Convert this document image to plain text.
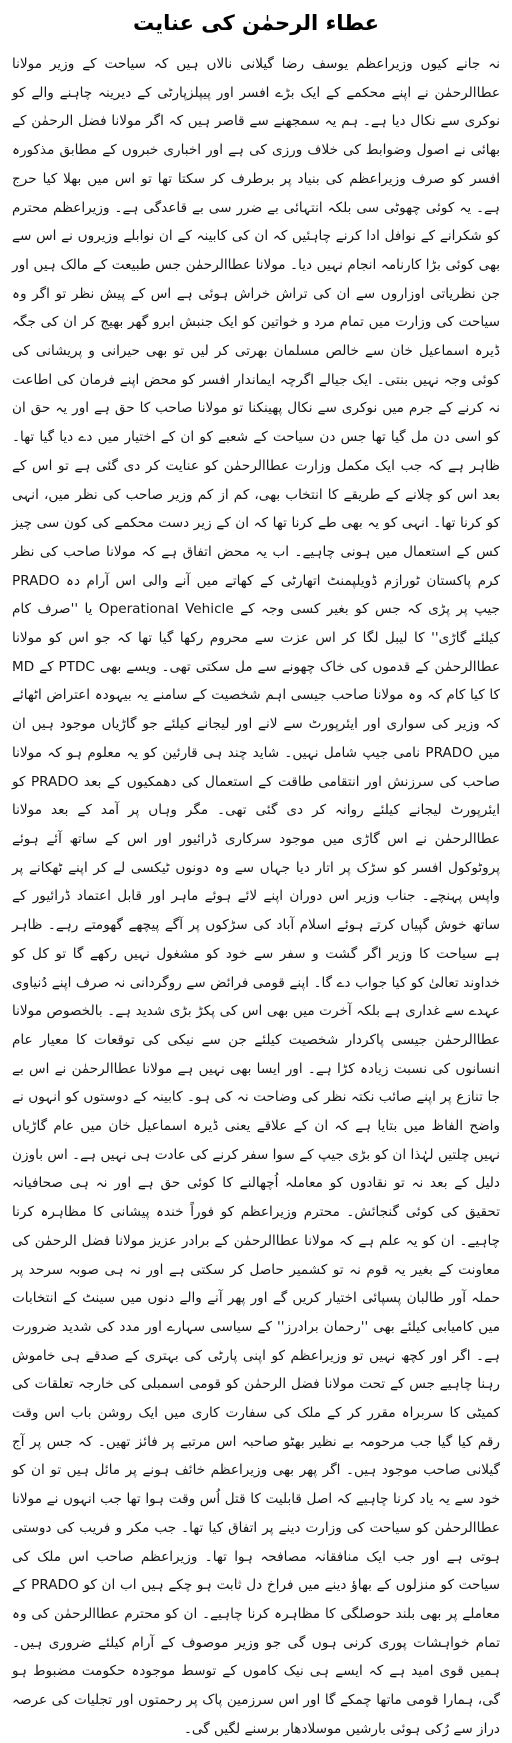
عطاء الرحمٰن کی عنایت

نہ جانے کیوں وزیراعظم یوسف رضا گیلانی نالاں ہیں کہ سیاحت کے وزیر مولانا عطاالرحمٰن نے اپنے محکمے کے ایک بڑے افسر اور پیپلزپارٹی کے دیرینہ چاہنے والے کو نوکری سے نکال دیا ہے۔ ہم یہ سمجھنے سے قاصر ہیں کہ اگر مولانا فضل الرحمٰن کے بھائی نے اصول وضوابط کی خلاف ورزی کی ہے اور اخباری خبروں کے مطابق مذکورہ افسر کو صرف وزیراعظم کی بنیاد پر برطرف کر سکتا تھا تو اس میں بھلا کیا حرج ہے۔ یہ کوئی چھوٹی سی بلکہ انتہائی بے ضرر سی بے قاعدگی ہے۔ وزیراعظم محترم کو شکرانے کے نوافل ادا کرنے چاہئیں کہ ان کی کابینہ کے ان نوابلے وزیروں نے اس سے بھی کوئی بڑا کارنامہ انجام نہیں دیا۔ مولانا عطاالرحمٰن جس طبیعت کے مالک ہیں اور جن نظریاتی اوزاروں سے ان کی تراش خراش ہوئی ہے اس کے پیش نظر تو اگر وہ سیاحت کی وزارت میں تمام مرد و خواتین کو ایک جنبش ابرو گھر بھیج کر ان کی جگہ ڈیرہ اسماعیل خان سے خالص مسلمان بھرتی کر لیں تو بھی حیرانی و پریشانی کی کوئی وجہ نہیں بنتی۔ ایک جیالے اگرچہ ایماندار افسر کو محض اپنے فرمان کی اطاعت نہ کرنے کے جرم میں نوکری سے نکال پھینکنا تو مولانا صاحب کا حق ہے اور یہ حق ان کو اسی دن مل گیا تھا جس دن سیاحت کے شعبے کو ان کے اختیار میں دے دیا گیا تھا۔ ظاہر ہے کہ جب ایک مکمل وزارت عطاالرحمٰن کو عنایت کر دی گئی ہے تو اس کے بعد اس کو چلانے کے طریقے کا انتخاب بھی، کم از کم وزیر صاحب کی نظر میں، انہی کو کرنا تھا۔ انہی کو یہ بھی طے کرنا تھا کہ ان کے زیر دست محکمے کی کون سی چیز کس کے استعمال میں ہونی چاہیے۔ اب یہ محض اتفاق ہے کہ مولانا صاحب کی نظر کرم پاکستان ٹورازم ڈویلپمنٹ اتھارٹی کے کھاتے میں آنے والی اس آرام دہ PRADO جیپ پر پڑی کہ جس کو بغیر کسی وجہ کے Operational Vehicle یا ''صرف کام کیلئے گاڑی'' کا لیبل لگا کر اس عزت سے محروم رکھا گیا تھا کہ جو اس کو مولانا عطاالرحمٰن کے قدموں کی خاک چھونے سے مل سکتی تھی۔ ویسے بھی PTDC کے MD کا کیا کام کہ وہ مولانا صاحب جیسی اہم شخصیت کے سامنے یہ بیہودہ اعتراض اٹھائے کہ وزیر کی سواری اور ایئرپورٹ سے لانے اور لیجانے کیلئے جو گاڑیاں موجود ہیں ان میں PRADO نامی جیپ شامل نہیں۔ شاید چند ہی قارئین کو یہ معلوم ہو کہ مولانا صاحب کی سرزنش اور انتقامی طاقت کے استعمال کی دھمکیوں کے بعد PRADO کو ایئرپورٹ لیجانے کیلئے روانہ کر دی گئی تھی۔ مگر وہاں پر آمد کے بعد مولانا عطاالرحمٰن نے اس گاڑی میں موجود سرکاری ڈرائیور اور اس کے ساتھ آئے ہوئے پروٹوکول افسر کو سڑک پر اتار دیا جہاں سے وہ دونوں ٹیکسی لے کر اپنے ٹھکانے پر واپس پہنچے۔ جناب وزیر اس دوران اپنے لائے ہوئے ماہر اور قابل اعتماد ڈرائیور کے ساتھ خوش گپیاں کرتے ہوئے اسلام آباد کی سڑکوں پر آگے پیچھے گھومتے رہے۔ ظاہر ہے سیاحت کا وزیر اگر گشت و سفر سے خود کو مشغول نہیں رکھے گا تو کل کو خداوند تعالیٰ کو کیا جواب دے گا۔ اپنے قومی فرائض سے روگردانی نہ صرف اپنے دُنیاوی عہدے سے غداری ہے بلکہ آخرت میں بھی اس کی پکڑ بڑی شدید ہے۔ بالخصوص مولانا عطاالرحمٰن جیسی پاکردار شخصیت کیلئے جن سے نیکی کی توقعات کا معیار عام انسانوں کی نسبت زیادہ کڑا ہے۔ اور ایسا بھی نہیں ہے مولانا عطاالرحمٰن نے اس بے جا تنازع پر اپنے صائب نکتہ نظر کی وضاحت نہ کی ہو۔ کابینہ کے دوستوں کو انہوں نے واضح الفاظ میں بتایا ہے کہ ان کے علاقے یعنی ڈیرہ اسماعیل خان میں عام گاڑیاں نہیں چلتیں لہٰذا ان کو بڑی جیپ کے سوا سفر کرنے کی عادت ہی نہیں ہے۔ اس باوزن دلیل کے بعد نہ تو نقادوں کو معاملہ اُچھالنے کا کوئی حق ہے اور نہ ہی صحافیانہ تحقیق کی کوئی گنجائش۔ محترم وزیراعظم کو فوراً خندہ پیشانی کا مظاہرہ کرنا چاہیے۔ ان کو یہ علم ہے کہ مولانا عطاالرحمٰن کے برادر عزیز مولانا فضل الرحمٰن کی معاونت کے بغیر یہ قوم نہ تو کشمیر حاصل کر سکتی ہے اور نہ ہی صوبہ سرحد پر حملہ آور طالبان پسپائی اختیار کریں گے اور پھر آنے والے دنوں میں سینٹ کے انتخابات میں کامیابی کیلئے بھی ''رحمان برادرز'' کے سیاسی سہارے اور مدد کی شدید ضرورت ہے۔ اگر اور کچھ نہیں تو وزیراعظم کو اپنی پارٹی کی بہتری کے صدقے ہی خاموش رہنا چاہیے جس کے تحت مولانا فضل الرحمٰن کو قومی اسمبلی کی خارجہ تعلقات کی کمیٹی کا سربراہ مقرر کر کے ملک کی سفارت کاری میں ایک روشن باب اس وقت رقم کیا گیا جب مرحومہ بے نظیر بھٹو صاحبہ اس مرتبے پر فائز تھیں۔ کہ جس پر آج گیلانی صاحب موجود ہیں۔ اگر پھر بھی وزیراعظم خائف ہونے پر مائل ہیں تو ان کو خود سے یہ یاد کرنا چاہیے کہ اصل قابلیت کا قتل اُس وقت ہوا تھا جب انہوں نے مولانا عطاالرحمٰن کو سیاحت کی وزارت دینے پر اتفاق کیا تھا۔ جب مکر و فریب کی دوستی ہوتی ہے اور جب ایک منافقانہ مصافحہ ہوا تھا۔ وزیراعظم صاحب اس ملک کی سیاحت کو منزلوں کے بھاؤ دینے میں فراخ دل ثابت ہو چکے ہیں اب ان کو PRADO کے معاملے پر بھی بلند حوصلگی کا مظاہرہ کرنا چاہیے۔ ان کو محترم عطاالرحمٰن کی وہ تمام خواہشات پوری کرنی ہوں گی جو وزیر موصوف کے آرام کیلئے ضروری ہیں۔ ہمیں قوی امید ہے کہ ایسے ہی نیک کاموں کے توسط موجودہ حکومت مضبوط ہو گی، ہمارا قومی ماتھا چمکے گا اور اس سرزمین پاک پر رحمتوں اور تجلیات کی عرصہ دراز سے رُکی ہوئی بارشیں موسلادھار برسنے لگیں گی۔
